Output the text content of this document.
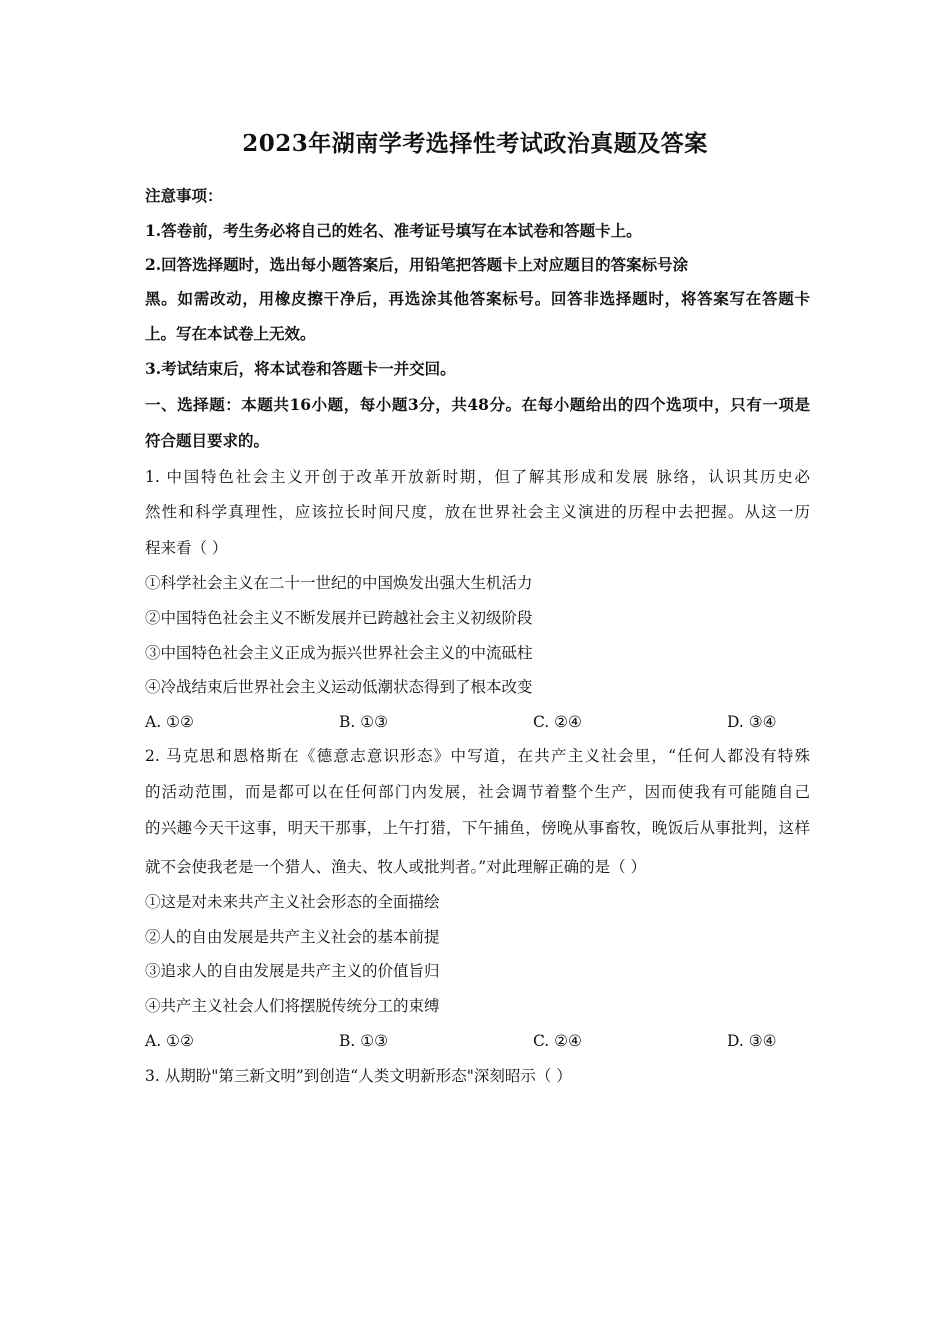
2023年湖南学考选择性考试政治真题及答案
注意事项：
1.答卷前，考生务必将自己的姓名、准考证号填写在本试卷和答题卡上。
2.回答选择题时，选出每小题答案后，用铅笔把答题卡上对应题目的答案标号涂
黑。如需改动，用橡皮擦干净后，再选涂其他答案标号。回答非选择题时，将答案写在答题卡
上。写在本试卷上无效。
3.考试结束后，将本试卷和答题卡一并交回。
一、选择题：本题共16小题，每小题3分，共48分。在每小题给出的四个选项中，只有一项是
符合题目要求的。
1. 中国特色社会主义开创于改革开放新时期，但了解其形成和发展 脉络，认识其历史必
然性和科学真理性，应该拉长时间尺度，放在世界社会主义演进的历程中去把握。从这一历
程来看（ ）
①科学社会主义在二十一世纪的中国焕发出强大生机活力
②中国特色社会主义不断发展并已跨越社会主义初级阶段
③中国特色社会主义正成为振兴世界社会主义的中流砥柱
④冷战结束后世界社会主义运动低潮状态得到了根本改变
A. ①②	B. ①③	C. ②④	D. ③④
2. 马克思和恩格斯在《德意志意识形态》中写道，在共产主义社会里，“任何人都没有特殊
的活动范围，而是都可以在任何部门内发展，社会调节着整个生产，因而使我有可能随自己
的兴趣今天干这事，明天干那事，上午打猎，下午捕鱼，傍晚从事畜牧，晚饭后从事批判，这样
就不会使我老是一个猎人、渔夫、牧人或批判者。”对此理解正确的是（ ）
①这是对未来共产主义社会形态的全面描绘
②人的自由发展是共产主义社会的基本前提
③追求人的自由发展是共产主义的价值旨归
④共产主义社会人们将摆脱传统分工的束缚
A. ①②	B. ①③	C. ②④	D. ③④
3. 从期盼"第三新文明”到创造“人类文明新形态"深刻昭示（ ）
